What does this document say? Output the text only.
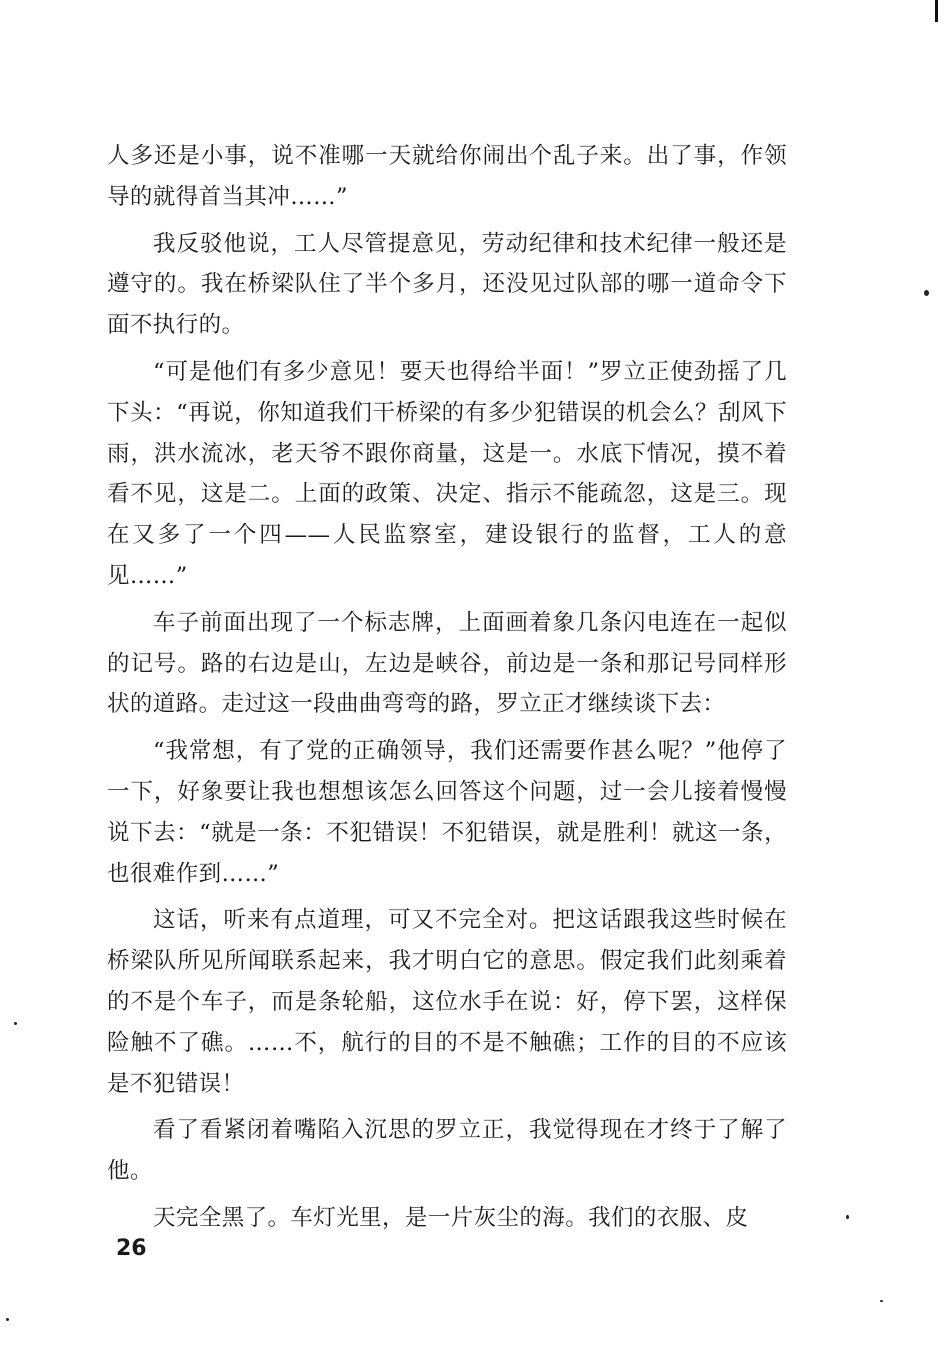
人多还是小事，说不准哪一天就给你闹出个乱子来。出了事，作领导的就得首当其冲……”

我反驳他说，工人尽管提意见，劳动纪律和技术纪律一般还是遵守的。我在桥梁队住了半个多月，还没见过队部的哪一道命令下面不执行的。

“可是他们有多少意见！要天也得给半面！”罗立正使劲摇了几下头：“再说，你知道我们干桥梁的有多少犯错误的机会么？刮风下雨，洪水流冰，老天爷不跟你商量，这是一。水底下情况，摸不着看不见，这是二。上面的政策、决定、指示不能疏忽，这是三。现在又多了一个四——人民监察室，建设银行的监督，工人的意见……”

车子前面出现了一个标志牌，上面画着象几条闪电连在一起似的记号。路的右边是山，左边是峡谷，前边是一条和那记号同样形状的道路。走过这一段曲曲弯弯的路，罗立正才继续谈下去：

“我常想，有了党的正确领导，我们还需要作甚么呢？”他停了一下，好象要让我也想想该怎么回答这个问题，过一会儿接着慢慢说下去：“就是一条：不犯错误！不犯错误，就是胜利！就这一条，也很难作到……”

这话，听来有点道理，可又不完全对。把这话跟我这些时候在桥梁队所见所闻联系起来，我才明白它的意思。假定我们此刻乘着的不是个车子，而是条轮船，这位水手在说：好，停下罢，这样保险触不了礁。……不，航行的目的不是不触礁；工作的目的不应该是不犯错误！

看了看紧闭着嘴陷入沉思的罗立正，我觉得现在才终于了解了他。

天完全黑了。车灯光里，是一片灰尘的海。我们的衣服、皮

26
